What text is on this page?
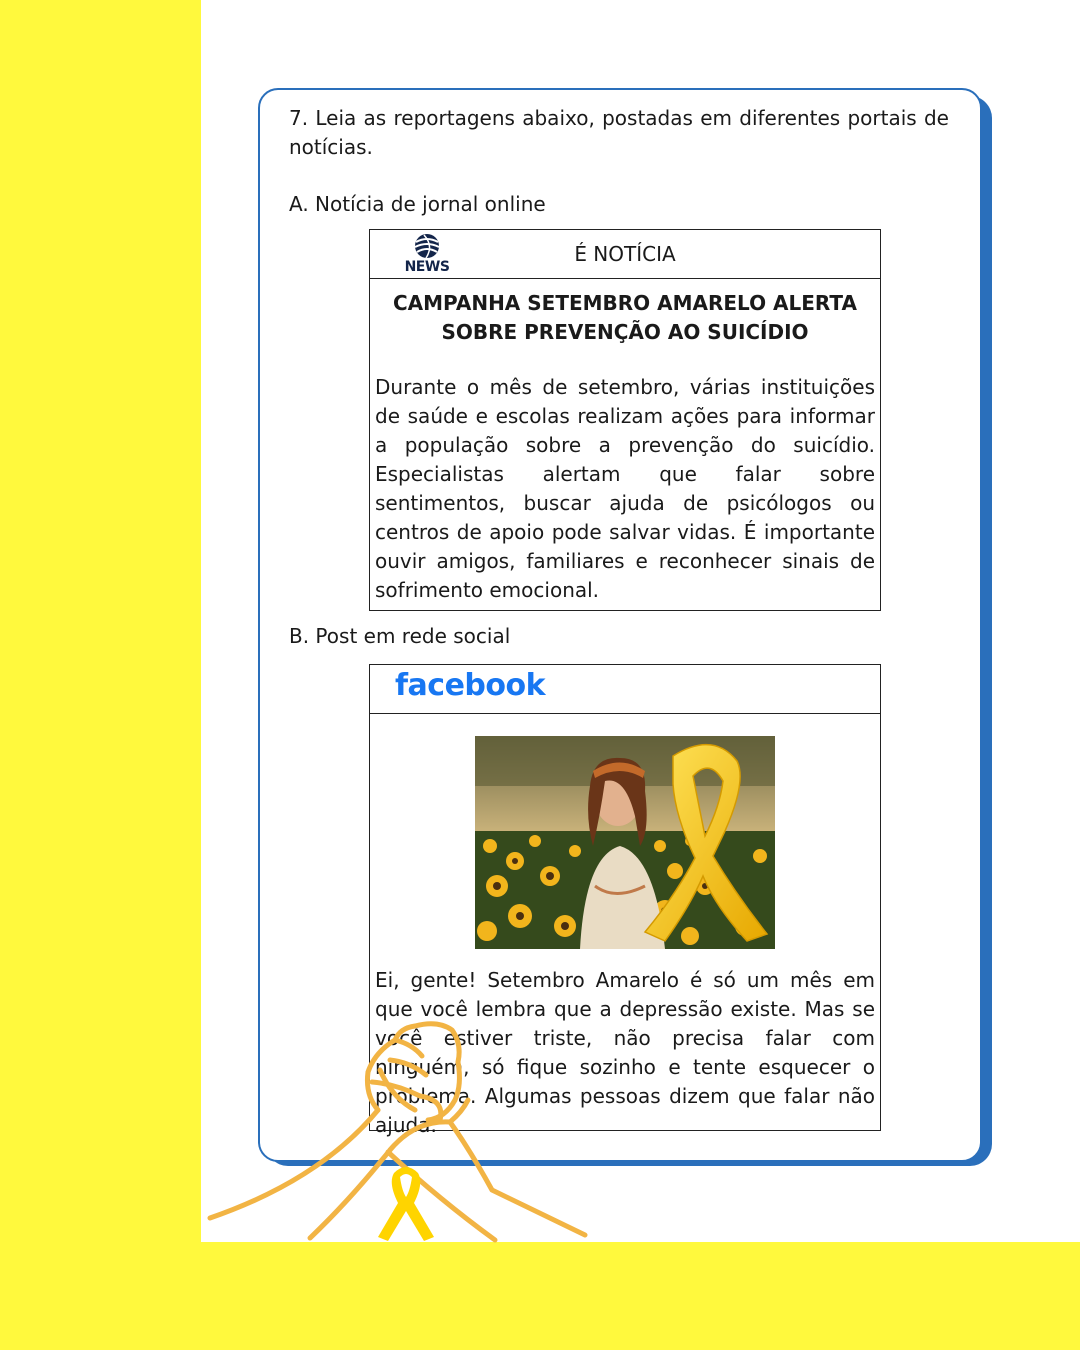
7. Leia as reportagens abaixo, postadas em diferentes portais de notícias.
A. Notícia de jornal online
NEWS
É NOTÍCIA
CAMPANHA SETEMBRO AMARELO ALERTA SOBRE PREVENÇÃO AO SUICÍDIO
Durante o mês de setembro, várias instituições de saúde e escolas realizam ações para informar a população sobre a prevenção do suicídio. Especialistas alertam que falar sobre sentimentos, buscar ajuda de psicólogos ou centros de apoio pode salvar vidas. É importante ouvir amigos, familiares e reconhecer sinais de sofrimento emocional.
B. Post em rede social
facebook
Ei, gente! Setembro Amarelo é só um mês em que você lembra que a depressão existe. Mas se você estiver triste, não precisa falar com ninguém, só fique sozinho e tente esquecer o problema. Algumas pessoas dizem que falar não ajuda.
